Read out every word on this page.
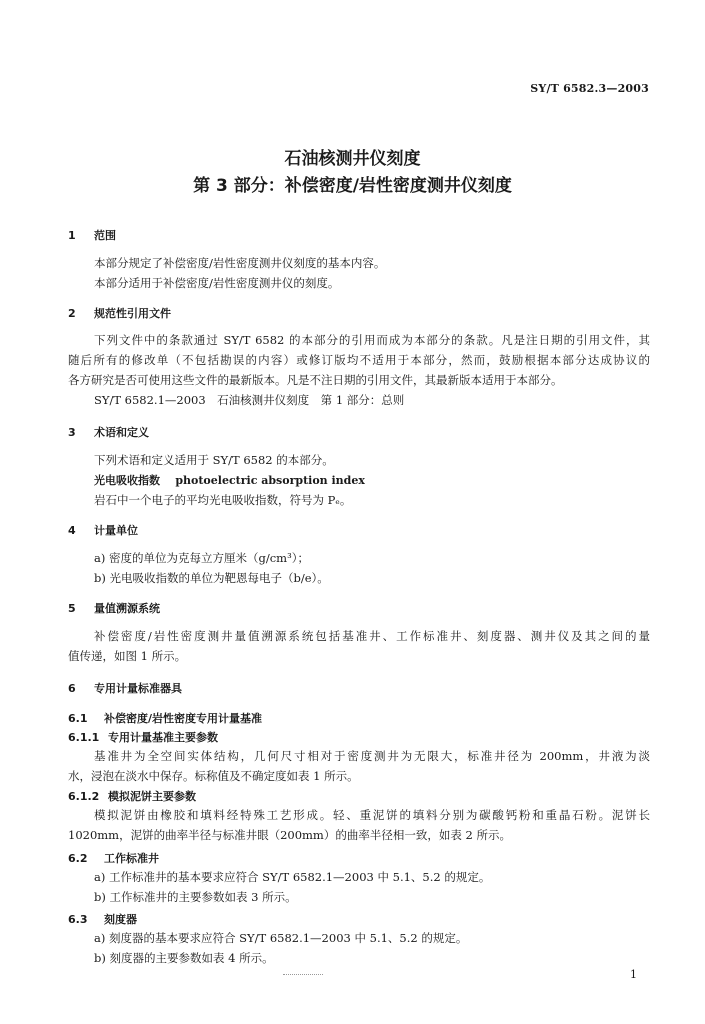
SY/T 6582.3—2003
石油核测井仪刻度
第 3 部分：补偿密度/岩性密度测井仪刻度
1 范围
本部分规定了补偿密度/岩性密度测井仪刻度的基本内容。
本部分适用于补偿密度/岩性密度测井仪的刻度。
2 规范性引用文件
下列文件中的条款通过 SY/T 6582 的本部分的引用而成为本部分的条款。凡是注日期的引用文件，其
随后所有的修改单（不包括勘误的内容）或修订版均不适用于本部分，然而，鼓励根据本部分达成协议的
各方研究是否可使用这些文件的最新版本。凡是不注日期的引用文件，其最新版本适用于本部分。
SY/T 6582.1—2003　石油核测井仪刻度　第 1 部分：总则
3 术语和定义
下列术语和定义适用于 SY/T 6582 的本部分。
光电吸收指数 photoelectric absorption index
岩石中一个电子的平均光电吸收指数，符号为 Pₑ。
4 计量单位
a) 密度的单位为克每立方厘米（g/cm³）；
b) 光电吸收指数的单位为靶恩每电子（b/e）。
5 量值溯源系统
补偿密度/岩性密度测井量值溯源系统包括基准井、工作标准井、刻度器、测井仪及其之间的量
值传递，如图 1 所示。
6 专用计量标准器具
6.1 补偿密度/岩性密度专用计量基准
6.1.1 专用计量基准主要参数
基准井为全空间实体结构，几何尺寸相对于密度测井为无限大，标准井径为 200mm，井液为淡
水，浸泡在淡水中保存。标称值及不确定度如表 1 所示。
6.1.2 模拟泥饼主要参数
模拟泥饼由橡胶和填料经特殊工艺形成。轻、重泥饼的填料分别为碳酸钙粉和重晶石粉。泥饼长
1020mm，泥饼的曲率半径与标准井眼（200mm）的曲率半径相一致，如表 2 所示。
6.2 工作标准井
a) 工作标准井的基本要求应符合 SY/T 6582.1—2003 中 5.1、5.2 的规定。
b) 工作标准井的主要参数如表 3 所示。
6.3 刻度器
a) 刻度器的基本要求应符合 SY/T 6582.1—2003 中 5.1、5.2 的规定。
b) 刻度器的主要参数如表 4 所示。
1
